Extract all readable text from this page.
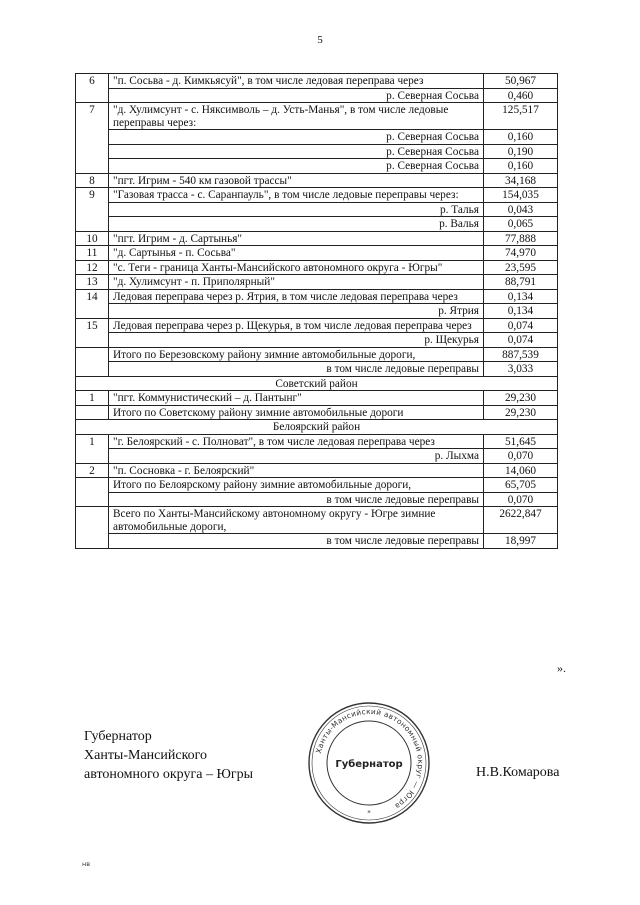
5
6	"п. Сосьва - д. Кимкьясуй", в том числе ледовая переправа через	50,967
	р. Северная Сосьва	0,460
7	"д. Хулимсунт - с. Няксимволь – д. Усть-Манья", в том числе ледовые переправы через:	125,517
	р. Северная Сосьва	0,160
	р. Северная Сосьва	0,190
	р. Северная Сосьва	0,160
8	"пгт. Игрим - 540 км газовой трассы"	34,168
9	"Газовая трасса - с. Саранпауль", в том числе ледовые переправы через:	154,035
	р. Талья	0,043
	р. Валья	0,065
10	"пгт. Игрим - д. Сартынья"	77,888
11	"д. Сартынья - п. Сосьва"	74,970
12	"с. Теги - граница Ханты-Мансийского автономного округа - Югры"	23,595
13	"д. Хулимсунт - п. Приполярный"	88,791
14	Ледовая переправа через р. Ятрия, в том числе ледовая переправа через	0,134
	р. Ятрия	0,134
15	Ледовая переправа через р. Щекурья, в том числе ледовая переправа через	0,074
	р. Щекурья	0,074
	Итого по Березовскому району зимние автомобильные дороги,	887,539
	в том числе ледовые переправы	3,033
Советский район		
1	"пгт. Коммунистический – д. Пантынг"	29,230
	Итого по Советскому району зимние автомобильные дороги	29,230
Белоярский район		
1	"г. Белоярский - с. Полноват", в том числе ледовая переправа через	51,645
	р. Лыхма	0,070
2	"п. Сосновка - г. Белоярский"	14,060
	Итого по Белоярскому району зимние автомобильные дороги,	65,705
	в том числе ледовые переправы	0,070
	Всего по Ханты-Мансийскому автономному округу - Югре зимние автомобильные дороги,	2622,847
	в том числе ледовые переправы	18,997
».
Губернатор
Ханты-Мансийского
автономного округа – Югры
Ханты-Мансийский автономный округ — Югра
Губернатор
*
Н.В.Комарова
нв
